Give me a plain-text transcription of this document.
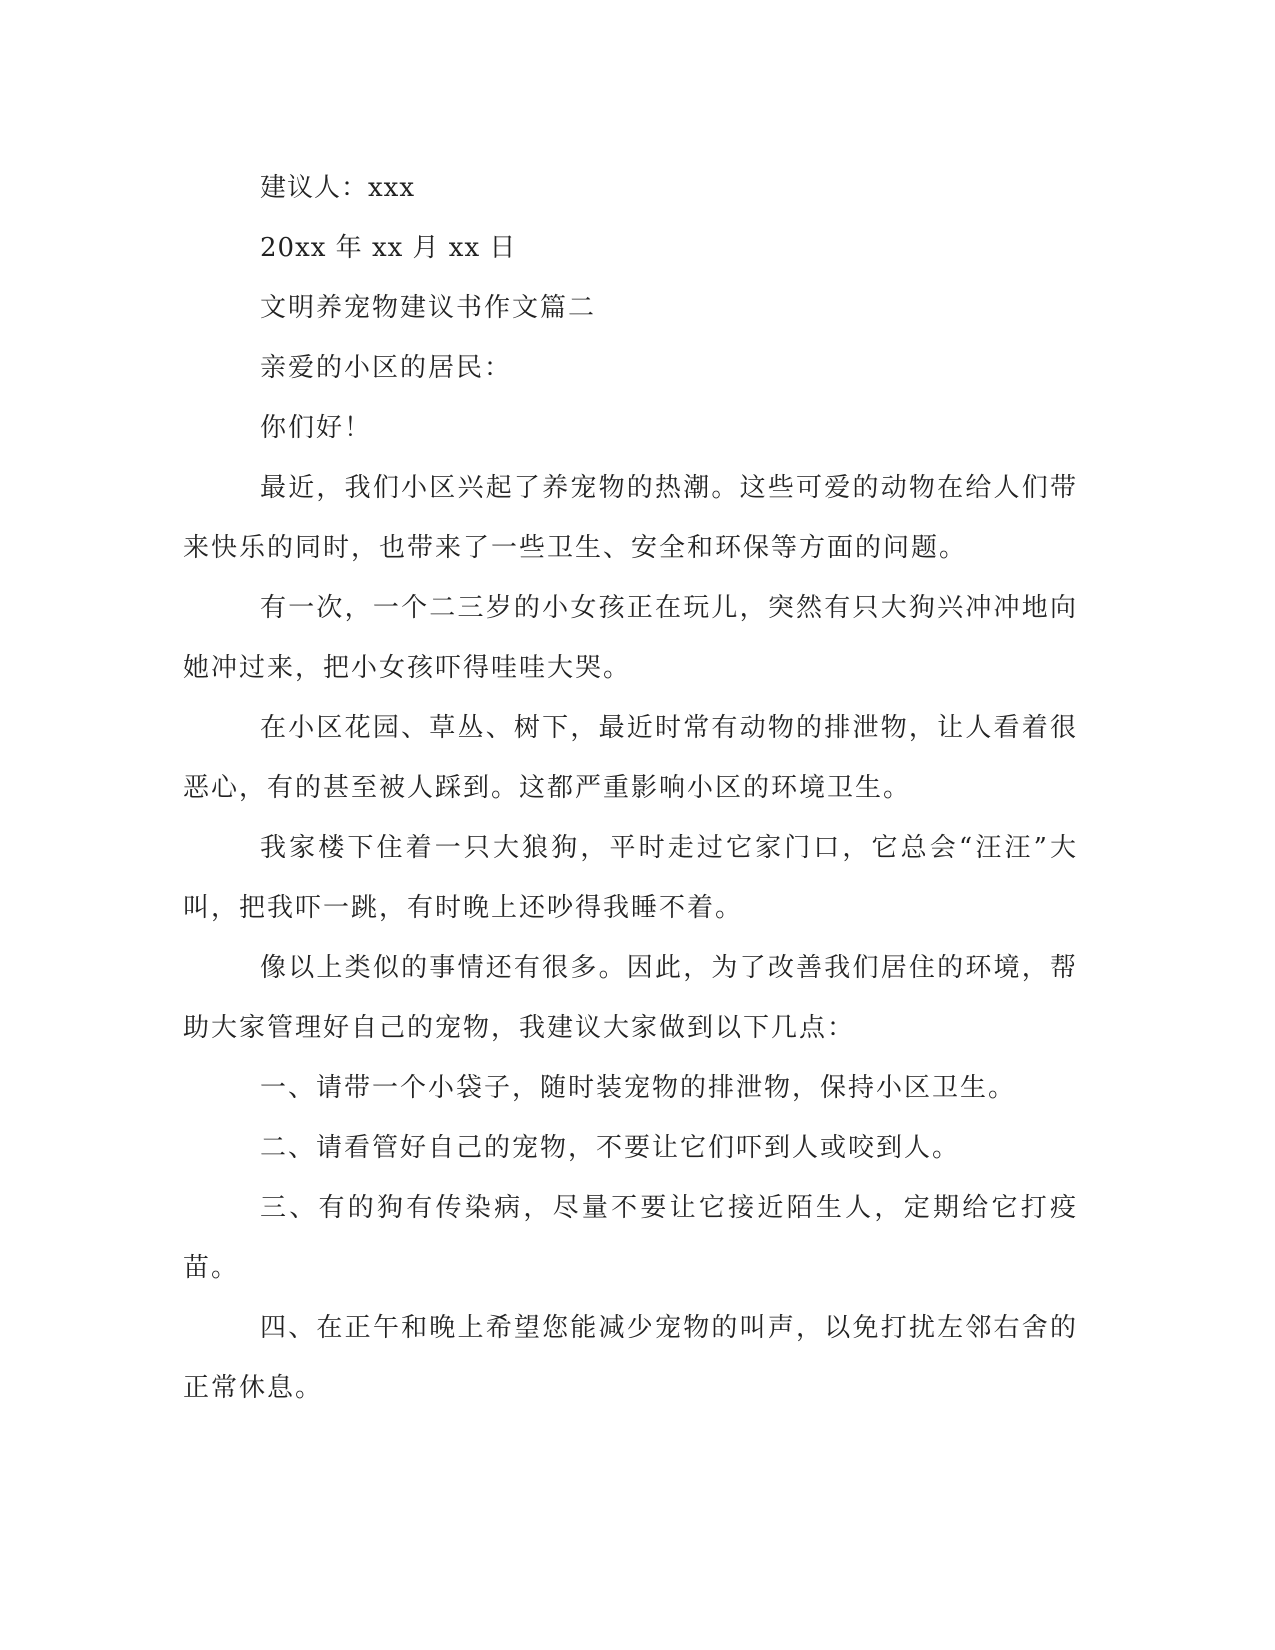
建议人：xxx

20xx 年 xx 月 xx 日

文明养宠物建议书作文篇二

亲爱的小区的居民：

你们好！

最近，我们小区兴起了养宠物的热潮。这些可爱的动物在给人们带来快乐的同时，也带来了一些卫生、安全和环保等方面的问题。

有一次，一个二三岁的小女孩正在玩儿，突然有只大狗兴冲冲地向她冲过来，把小女孩吓得哇哇大哭。

在小区花园、草丛、树下，最近时常有动物的排泄物，让人看着很恶心，有的甚至被人踩到。这都严重影响小区的环境卫生。

我家楼下住着一只大狼狗，平时走过它家门口，它总会“汪汪”大叫，把我吓一跳，有时晚上还吵得我睡不着。

像以上类似的事情还有很多。因此，为了改善我们居住的环境，帮助大家管理好自己的宠物，我建议大家做到以下几点：

一、请带一个小袋子，随时装宠物的排泄物，保持小区卫生。

二、请看管好自己的宠物，不要让它们吓到人或咬到人。

三、有的狗有传染病，尽量不要让它接近陌生人，定期给它打疫苗。

四、在正午和晚上希望您能减少宠物的叫声，以免打扰左邻右舍的正常休息。
